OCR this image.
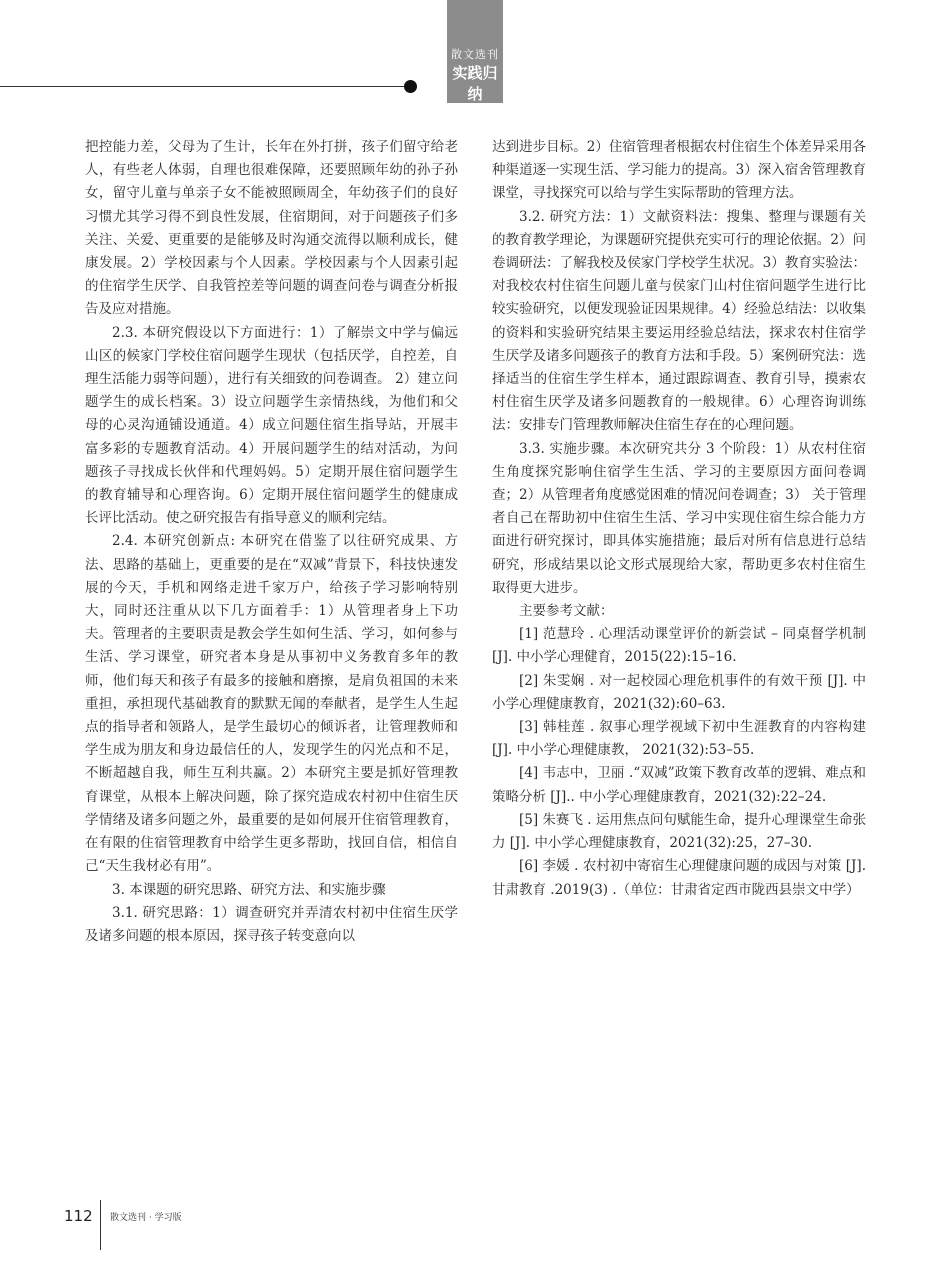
散文选刊
实践归纳

把控能力差，父母为了生计，长年在外打拼，孩子们留守给老人，有些老人体弱，自理也很难保障，还要照顾年幼的孙子孙女，留守儿童与单亲子女不能被照顾周全，年幼孩子们的良好习惯尤其学习得不到良性发展，住宿期间，对于问题孩子们多关注、关爱、更重要的是能够及时沟通交流得以顺利成长，健康发展。2）学校因素与个人因素。学校因素与个人因素引起的住宿学生厌学、自我管控差等问题的调查问卷与调查分析报告及应对措施。

2.3. 本研究假设以下方面进行：1）了解崇文中学与偏远山区的候家门学校住宿问题学生现状（包括厌学，自控差，自理生活能力弱等问题），进行有关细致的问卷调查。 2）建立问题学生的成长档案。3）设立问题学生亲情热线，为他们和父母的心灵沟通铺设通道。4）成立问题住宿生指导站，开展丰富多彩的专题教育活动。4）开展问题学生的结对活动，为问题孩子寻找成长伙伴和代理妈妈。5）定期开展住宿问题学生的教育辅导和心理咨询。6）定期开展住宿问题学生的健康成长评比活动。使之研究报告有指导意义的顺利完结。

2.4. 本研究创新点: 本研究在借鉴了以往研究成果、方法、思路的基础上，更重要的是在“双减”背景下，科技快速发展的今天，手机和网络走进千家万户，给孩子学习影响特别大，同时还注重从以下几方面着手：1）从管理者身上下功夫。管理者的主要职责是教会学生如何生活、学习，如何参与生活、学习课堂，研究者本身是从事初中义务教育多年的教师，他们每天和孩子有最多的接触和磨擦，是肩负祖国的未来重担，承担现代基础教育的默默无闻的奉献者，是学生人生起点的指导者和领路人，是学生最切心的倾诉者，让管理教师和学生成为朋友和身边最信任的人，发现学生的闪光点和不足，不断超越自我，师生互利共赢。2）本研究主要是抓好管理教育课堂，从根本上解决问题，除了探究造成农村初中住宿生厌学情绪及诸多问题之外，最重要的是如何展开住宿管理教育，在有限的住宿管理教育中给学生更多帮助，找回自信，相信自己“天生我材必有用”。

3. 本课题的研究思路、研究方法、和实施步骤

3.1. 研究思路：1）调查研究并弄清农村初中住宿生厌学及诸多问题的根本原因，探寻孩子转变意向以

达到进步目标。2）住宿管理者根据农村住宿生个体差异采用各种渠道逐一实现生活、学习能力的提高。3）深入宿舍管理教育课堂，寻找探究可以给与学生实际帮助的管理方法。

3.2. 研究方法：1）文献资料法：搜集、整理与课题有关的教育教学理论，为课题研究提供充实可行的理论依据。2）问卷调研法：了解我校及侯家门学校学生状况。3）教育实验法：对我校农村住宿生问题儿童与侯家门山村住宿问题学生进行比较实验研究，以便发现验证因果规律。4）经验总结法：以收集的资料和实验研究结果主要运用经验总结法，探求农村住宿学生厌学及诸多问题孩子的教育方法和手段。5）案例研究法：选择适当的住宿生学生样本，通过跟踪调查、教育引导，摸索农村住宿生厌学及诸多问题教育的一般规律。6）心理咨询训练法：安排专门管理教师解决住宿生存在的心理问题。

3.3. 实施步骤。本次研究共分 3 个阶段：1）从农村住宿生角度探究影响住宿学生生活、学习的主要原因方面问卷调查；2）从管理者角度感觉困难的情况问卷调查；3） 关于管理者自己在帮助初中住宿生生活、学习中实现住宿生综合能力方面进行研究探讨，即具体实施措施；最后对所有信息进行总结研究，形成结果以论文形式展现给大家，帮助更多农村住宿生取得更大进步。

主要参考文献：

[1] 范慧玲 . 心理活动课堂评价的新尝试 – 同桌督学机制 [J]. 中小学心理健育，2015(22):15–16.

[2] 朱雯娴 . 对一起校园心理危机事件的有效干预 [J]. 中小学心理健康教育，2021(32):60–63.

[3] 韩桂莲 . 叙事心理学视域下初中生涯教育的内容构建 [J]. 中小学心理健康教， 2021(32):53–55.

[4] 韦志中，卫丽 .“双减”政策下教育改革的逻辑、难点和策略分析 [J].. 中小学心理健康教育，2021(32):22–24.

[5] 朱赛飞 . 运用焦点问句赋能生命，提升心理课堂生命张力 [J]. 中小学心理健康教育，2021(32):25，27–30.

[6] 李媛 . 农村初中寄宿生心理健康问题的成因与对策 [J]. 甘肃教育 .2019(3) .（单位：甘肃省定西市陇西县崇文中学）

112 散文选刊 · 学习版
